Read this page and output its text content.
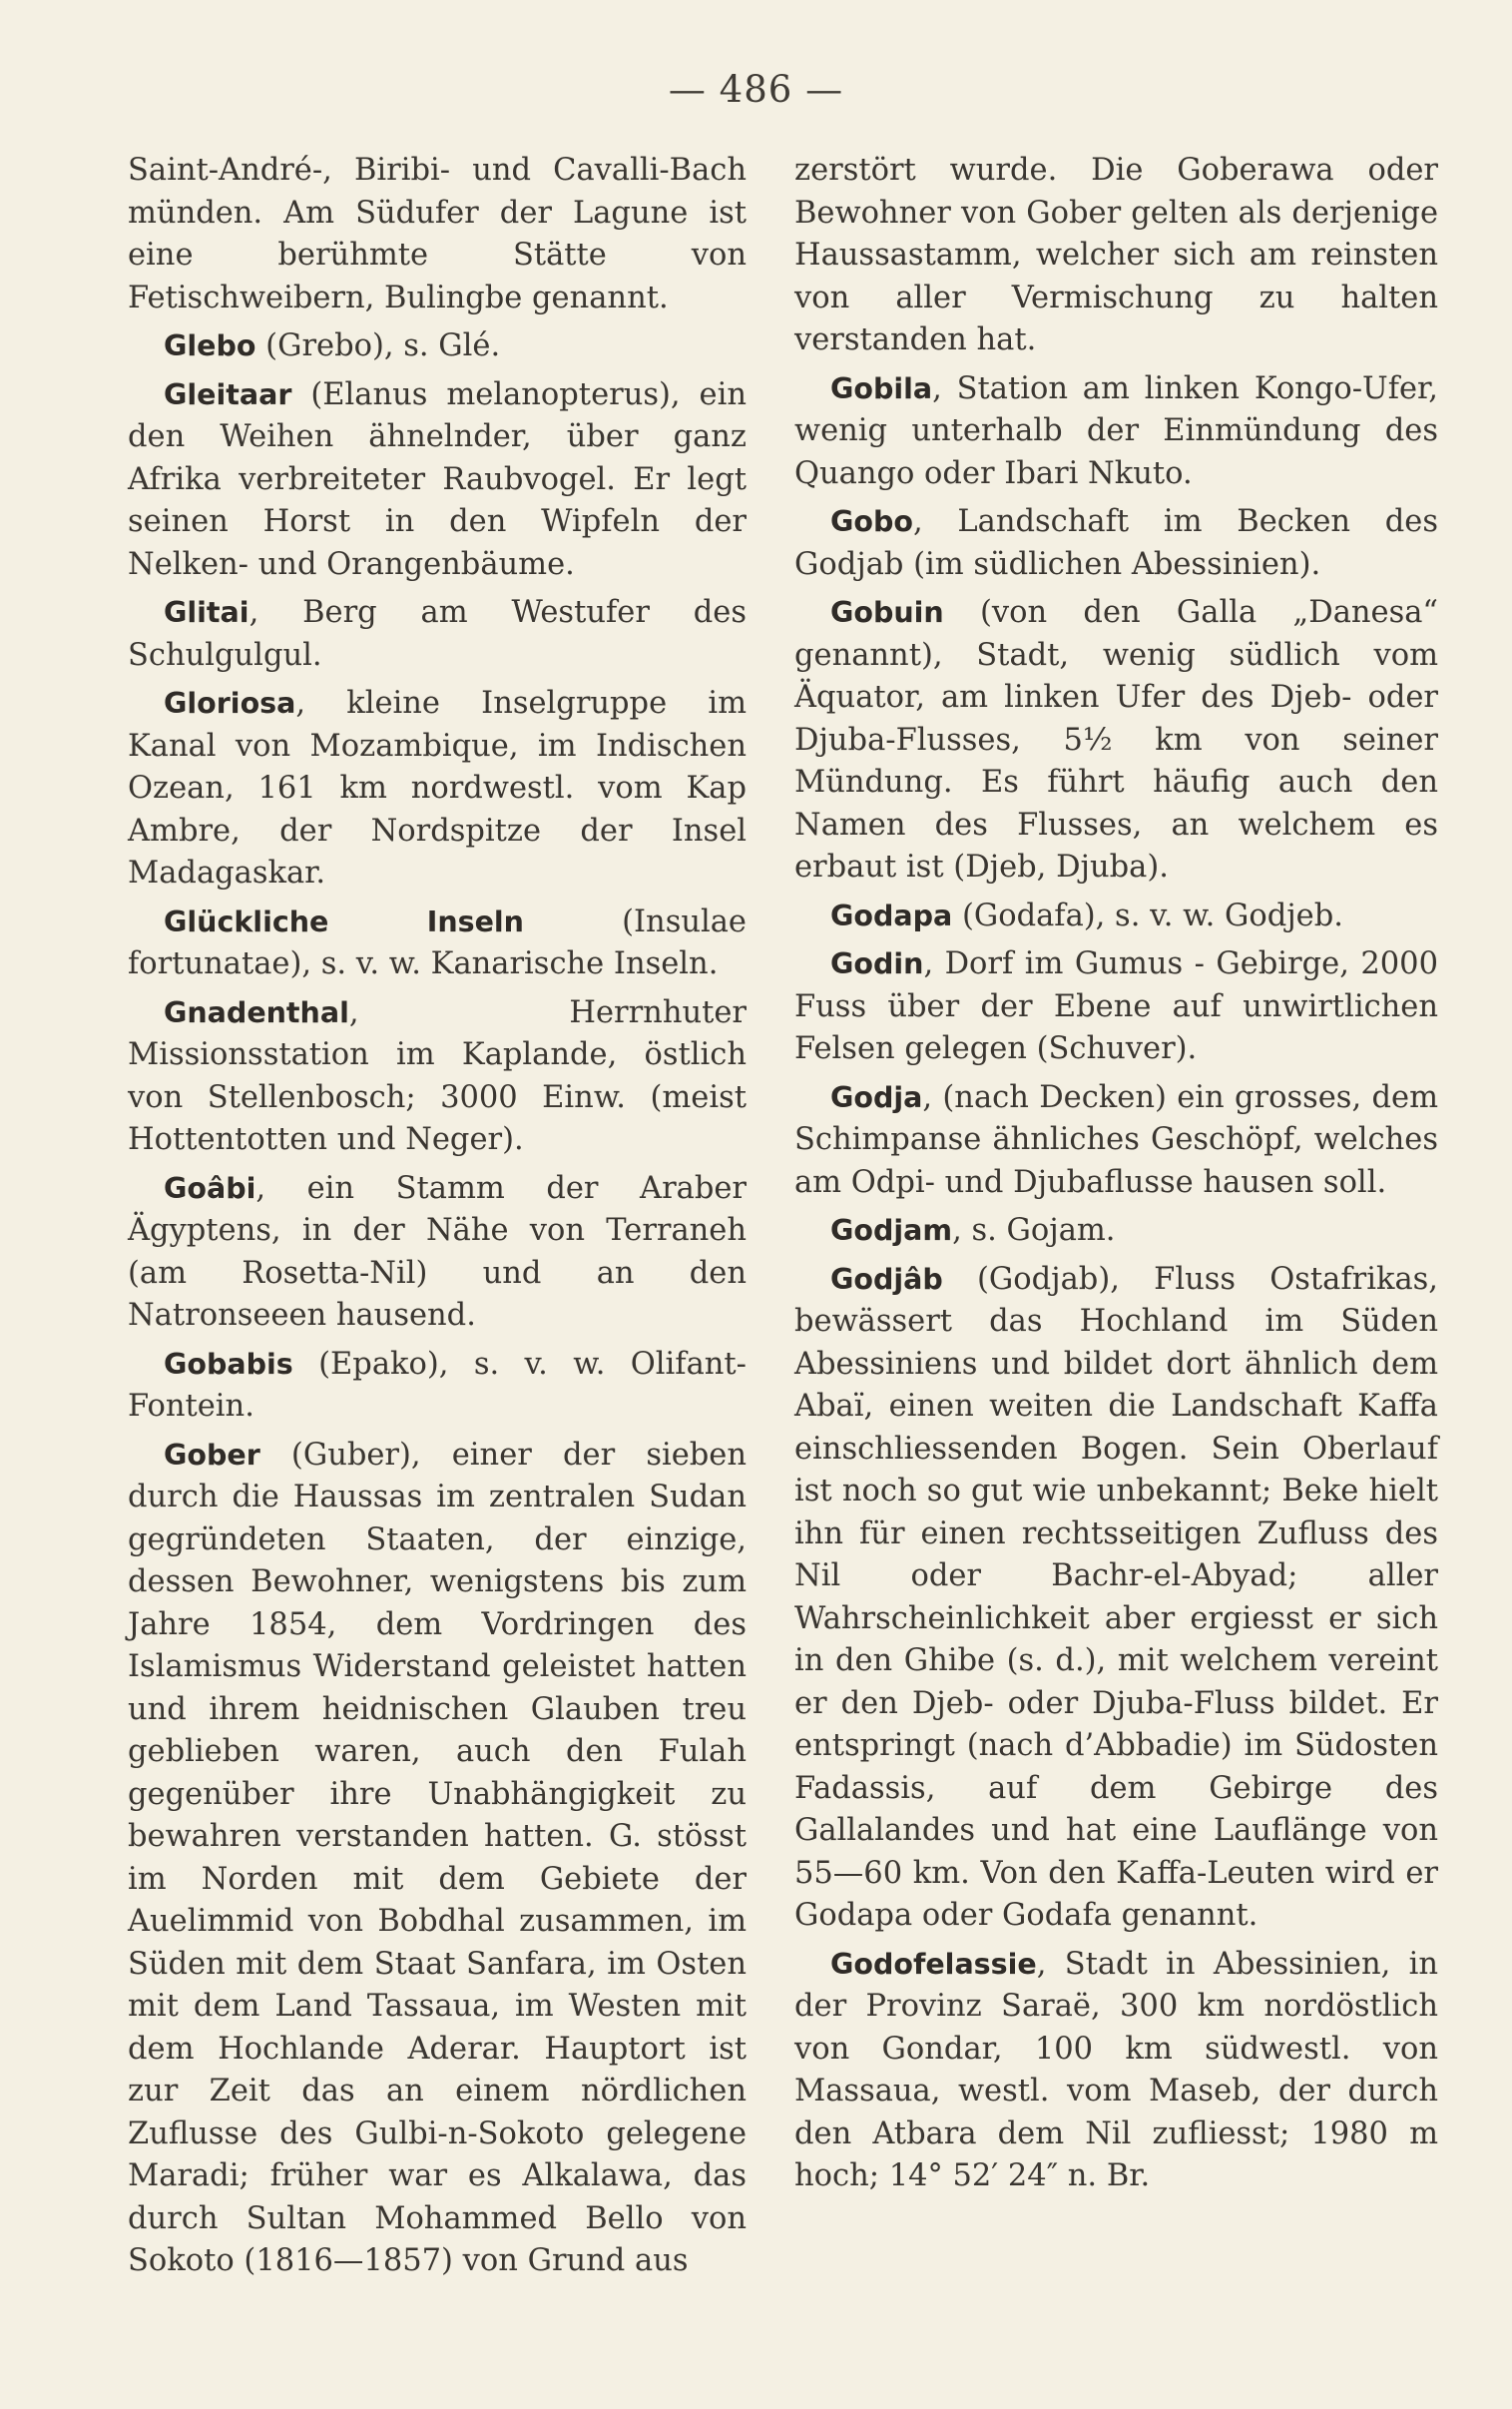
— 486 —

Saint-André-, Biribi- und Cavalli-Bach münden. Am Südufer der Lagune ist eine berühmte Stätte von Fetischweibern, Bulingbe genannt.

Glebo (Grebo), s. Glé.

Gleitaar (Elanus melanopterus), ein den Weihen ähnelnder, über ganz Afrika verbreiteter Raubvogel. Er legt seinen Horst in den Wipfeln der Nelken- und Orangenbäume.

Glitai, Berg am Westufer des Schulgulgul.

Gloriosa, kleine Inselgruppe im Kanal von Mozambique, im Indischen Ozean, 161 km nordwestl. vom Kap Ambre, der Nordspitze der Insel Madagaskar.

Glückliche Inseln (Insulae fortunatae), s. v. w. Kanarische Inseln.

Gnadenthal, Herrnhuter Missionsstation im Kaplande, östlich von Stellenbosch; 3000 Einw. (meist Hottentotten und Neger).

Goâbi, ein Stamm der Araber Ägyptens, in der Nähe von Terraneh (am Rosetta-Nil) und an den Natronseeen hausend.

Gobabis (Epako), s. v. w. Olifant-Fontein.

Gober (Guber), einer der sieben durch die Haussas im zentralen Sudan gegründeten Staaten, der einzige, dessen Bewohner, wenigstens bis zum Jahre 1854, dem Vordringen des Islamismus Widerstand geleistet hatten und ihrem heidnischen Glauben treu geblieben waren, auch den Fulah gegenüber ihre Unabhängigkeit zu bewahren verstanden hatten. G. stösst im Norden mit dem Gebiete der Auelimmid von Bobdhal zusammen, im Süden mit dem Staat Sanfara, im Osten mit dem Land Tassaua, im Westen mit dem Hochlande Aderar. Hauptort ist zur Zeit das an einem nördlichen Zuflusse des Gulbi-n-Sokoto gelegene Maradi; früher war es Alkalawa, das durch Sultan Mohammed Bello von Sokoto (1816—1857) von Grund aus

zerstört wurde. Die Goberawa oder Bewohner von Gober gelten als derjenige Haussastamm, welcher sich am reinsten von aller Vermischung zu halten verstanden hat.

Gobila, Station am linken Kongo-Ufer, wenig unterhalb der Einmündung des Quango oder Ibari Nkuto.

Gobo, Landschaft im Becken des Godjab (im südlichen Abessinien).

Gobuin (von den Galla „Danesa“ genannt), Stadt, wenig südlich vom Äquator, am linken Ufer des Djeb- oder Djuba-Flusses, 5½ km von seiner Mündung. Es führt häufig auch den Namen des Flusses, an welchem es erbaut ist (Djeb, Djuba).

Godapa (Godafa), s. v. w. Godjeb.

Godin, Dorf im Gumus - Gebirge, 2000 Fuss über der Ebene auf unwirtlichen Felsen gelegen (Schuver).

Godja, (nach Decken) ein grosses, dem Schimpanse ähnliches Geschöpf, welches am Odpi- und Djubaflusse hausen soll.

Godjam, s. Gojam.

Godjâb (Godjab), Fluss Ostafrikas, bewässert das Hochland im Süden Abessiniens und bildet dort ähnlich dem Abaï, einen weiten die Landschaft Kaffa einschliessenden Bogen. Sein Oberlauf ist noch so gut wie unbekannt; Beke hielt ihn für einen rechtsseitigen Zufluss des Nil oder Bachr-el-Abyad; aller Wahrscheinlichkeit aber ergiesst er sich in den Ghibe (s. d.), mit welchem vereint er den Djeb- oder Djuba-Fluss bildet. Er entspringt (nach d’Abbadie) im Südosten Fadassis, auf dem Gebirge des Gallalandes und hat eine Lauflänge von 55—60 km. Von den Kaffa-Leuten wird er Godapa oder Godafa genannt.

Godofelassie, Stadt in Abessinien, in der Provinz Saraë, 300 km nordöstlich von Gondar, 100 km südwestl. von Massaua, westl. vom Maseb, der durch den Atbara dem Nil zufliesst; 1980 m hoch; 14° 52′ 24″ n. Br.
